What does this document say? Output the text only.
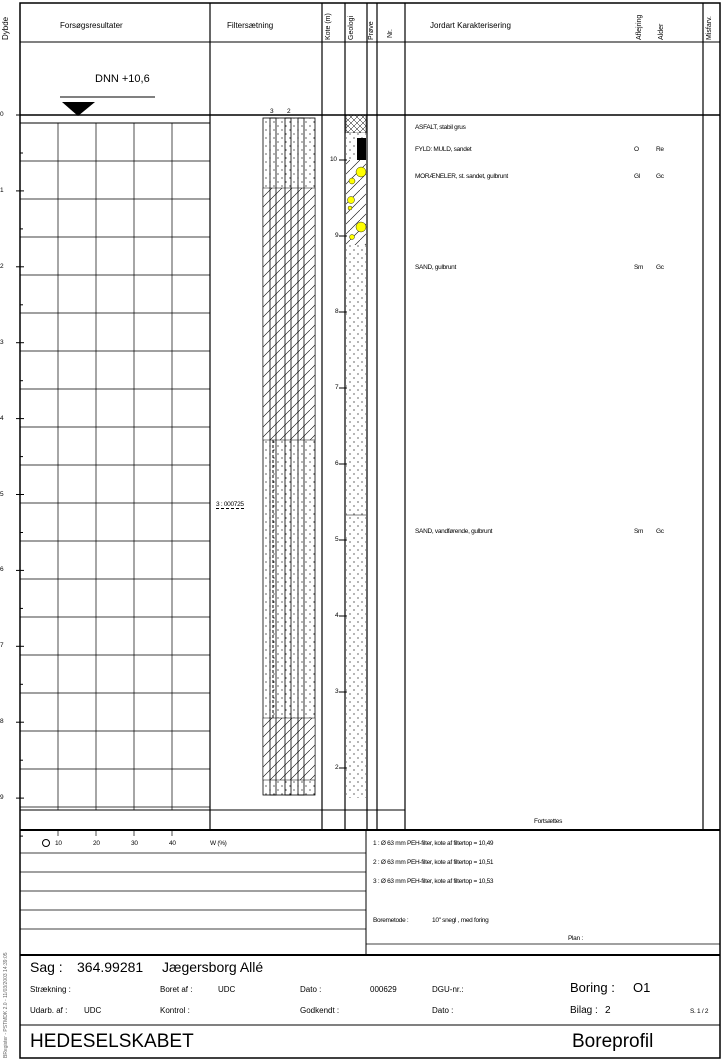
Dybde	Forsøgsresultater	Filtersætning	Kote (m) Geologi Prøve Nr.
Jordart Karakterisering	Aflejring Alder	Misfarv.
DNN +10,6
0
1
2
3
4
5
6
7
8
9
10
9
8
7
6
5
4
3
2
3 2
3 : 000725
ASFALT, stabil grus
FYLD: MULD, sandet	O	Re
MORÆNELER, st. sandet, gulbrunt	Gl Gc
SAND, gulbrunt	Sm Gc
SAND, vandførende, gulbrunt	Sm Gc
Fortsættes
10	20	30	40	W (%)	1 : Ø 63 mm PEH-filter, kote af filtertop = 10,49
2 : Ø 63 mm PEH-filter, kote af filtertop = 10,51
3 : Ø 63 mm PEH-filter, kote af filtertop = 10,53
Boremetode :	10" snegl , med foring
Plan :
Sag : 364.99281 Jægersborg Allé
Strækning :	Boret af :	UDC	Dato :	000629	DGU-nr.:	Boring : O1
Udarb. af : UDC	Kontrol :	Godkendt :	Dato :	Bilag : 2	S. 1 / 2
HEDESELSKABET	Boreprofil
BRegister - PSTMDK 2.0 - 11/03/2003 14:39:05
